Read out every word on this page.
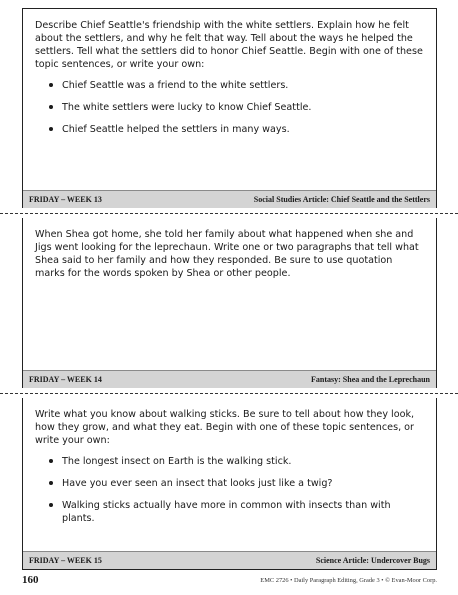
Describe Chief Seattle's friendship with the white settlers. Explain how he felt about the settlers, and why he felt that way. Tell about the ways he helped the settlers. Tell what the settlers did to honor Chief Seattle. Begin with one of these topic sentences, or write your own:

Chief Seattle was a friend to the white settlers.
The white settlers were lucky to know Chief Seattle.
Chief Seattle helped the settlers in many ways.
FRIDAY – WEEK 13	Social Studies Article: Chief Seattle and the Settlers

When Shea got home, she told her family about what happened when she and Jigs went looking for the leprechaun. Write one or two paragraphs that tell what Shea said to her family and how they responded. Be sure to use quotation marks for the words spoken by Shea or other people.

FRIDAY – WEEK 14	Fantasy: Shea and the Leprechaun

Write what you know about walking sticks. Be sure to tell about how they look, how they grow, and what they eat. Begin with one of these topic sentences, or write your own:

The longest insect on Earth is the walking stick.
Have you ever seen an insect that looks just like a twig?
Walking sticks actually have more in common with insects than with plants.
FRIDAY – WEEK 15	Science Article: Undercover Bugs
160	EMC 2726 • Daily Paragraph Editing, Grade 3 • © Evan-Moor Corp.
